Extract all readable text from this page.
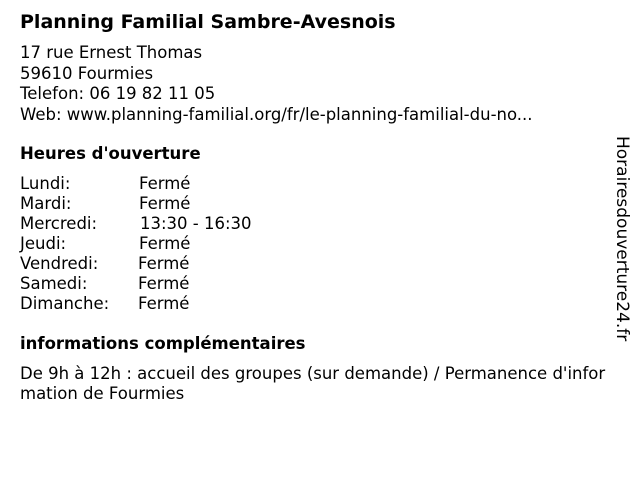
Planning Familial Sambre-Avesnois
17 rue Ernest Thomas
59610 Fourmies
Telefon: 06 19 82 11 05
Web: www.planning-familial.org/fr/le-planning-familial-du-no...
Heures d'ouverture
Lundi:	Fermé
Mardi:	Fermé
Mercredi:	13:30 - 16:30
Jeudi:	Fermé
Vendredi: Fermé
Samedi:	Fermé
Dimanche: Fermé
informations complémentaires
De 9h à 12h : accueil des groupes (sur demande) / Permanence d'information de Fourmies
Horairesdouverture24.fr
